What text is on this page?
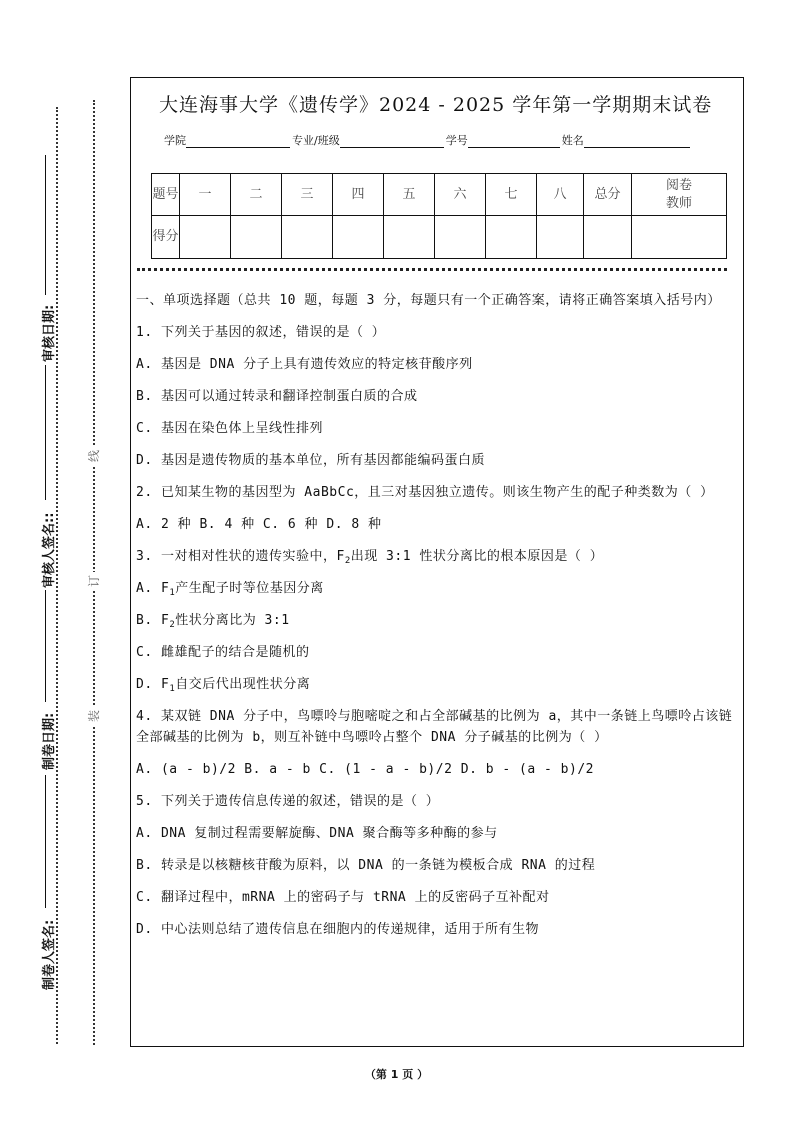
线
订
装
审核日期:
审核人签名::
制卷日期:
制卷人签名:
大连海事大学《遗传学》2024 - 2025 学年第一学期期末试卷
学院	专业/班级	学号	姓名
题号	一	二	三	四	五	六	七	八	总分	阅卷教师
得分										

一、单项选择题（总共 10 题，每题 3 分，每题只有一个正确答案，请将正确答案填入括号内）

1. 下列关于基因的叙述，错误的是（ ）

A. 基因是 DNA 分子上具有遗传效应的特定核苷酸序列

B. 基因可以通过转录和翻译控制蛋白质的合成

C. 基因在染色体上呈线性排列

D. 基因是遗传物质的基本单位，所有基因都能编码蛋白质

2. 已知某生物的基因型为 AaBbCc，且三对基因独立遗传。则该生物产生的配子种类数为（ ）

A. 2 种 B. 4 种 C. 6 种 D. 8 种

3. 一对相对性状的遗传实验中，$F_2$出现 3:1 性状分离比的根本原因是（ ）

A. $F_1$产生配子时等位基因分离

B. $F_2$性状分离比为 3:1

C. 雌雄配子的结合是随机的

D. $F_1$自交后代出现性状分离

4. 某双链 DNA 分子中，鸟嘌呤与胞嘧啶之和占全部碱基的比例为 a，其中一条链上鸟嘌呤占该链全部碱基的比例为 b，则互补链中鸟嘌呤占整个 DNA 分子碱基的比例为（ ）

A. (a - b)/2 B. a - b C. (1 - a - b)/2 D. b - (a - b)/2

5. 下列关于遗传信息传递的叙述，错误的是（ ）

A. DNA 复制过程需要解旋酶、DNA 聚合酶等多种酶的参与

B. 转录是以核糖核苷酸为原料，以 DNA 的一条链为模板合成 RNA 的过程

C. 翻译过程中，mRNA 上的密码子与 tRNA 上的反密码子互补配对

D. 中心法则总结了遗传信息在细胞内的传递规律，适用于所有生物

（第 1 页 ）
